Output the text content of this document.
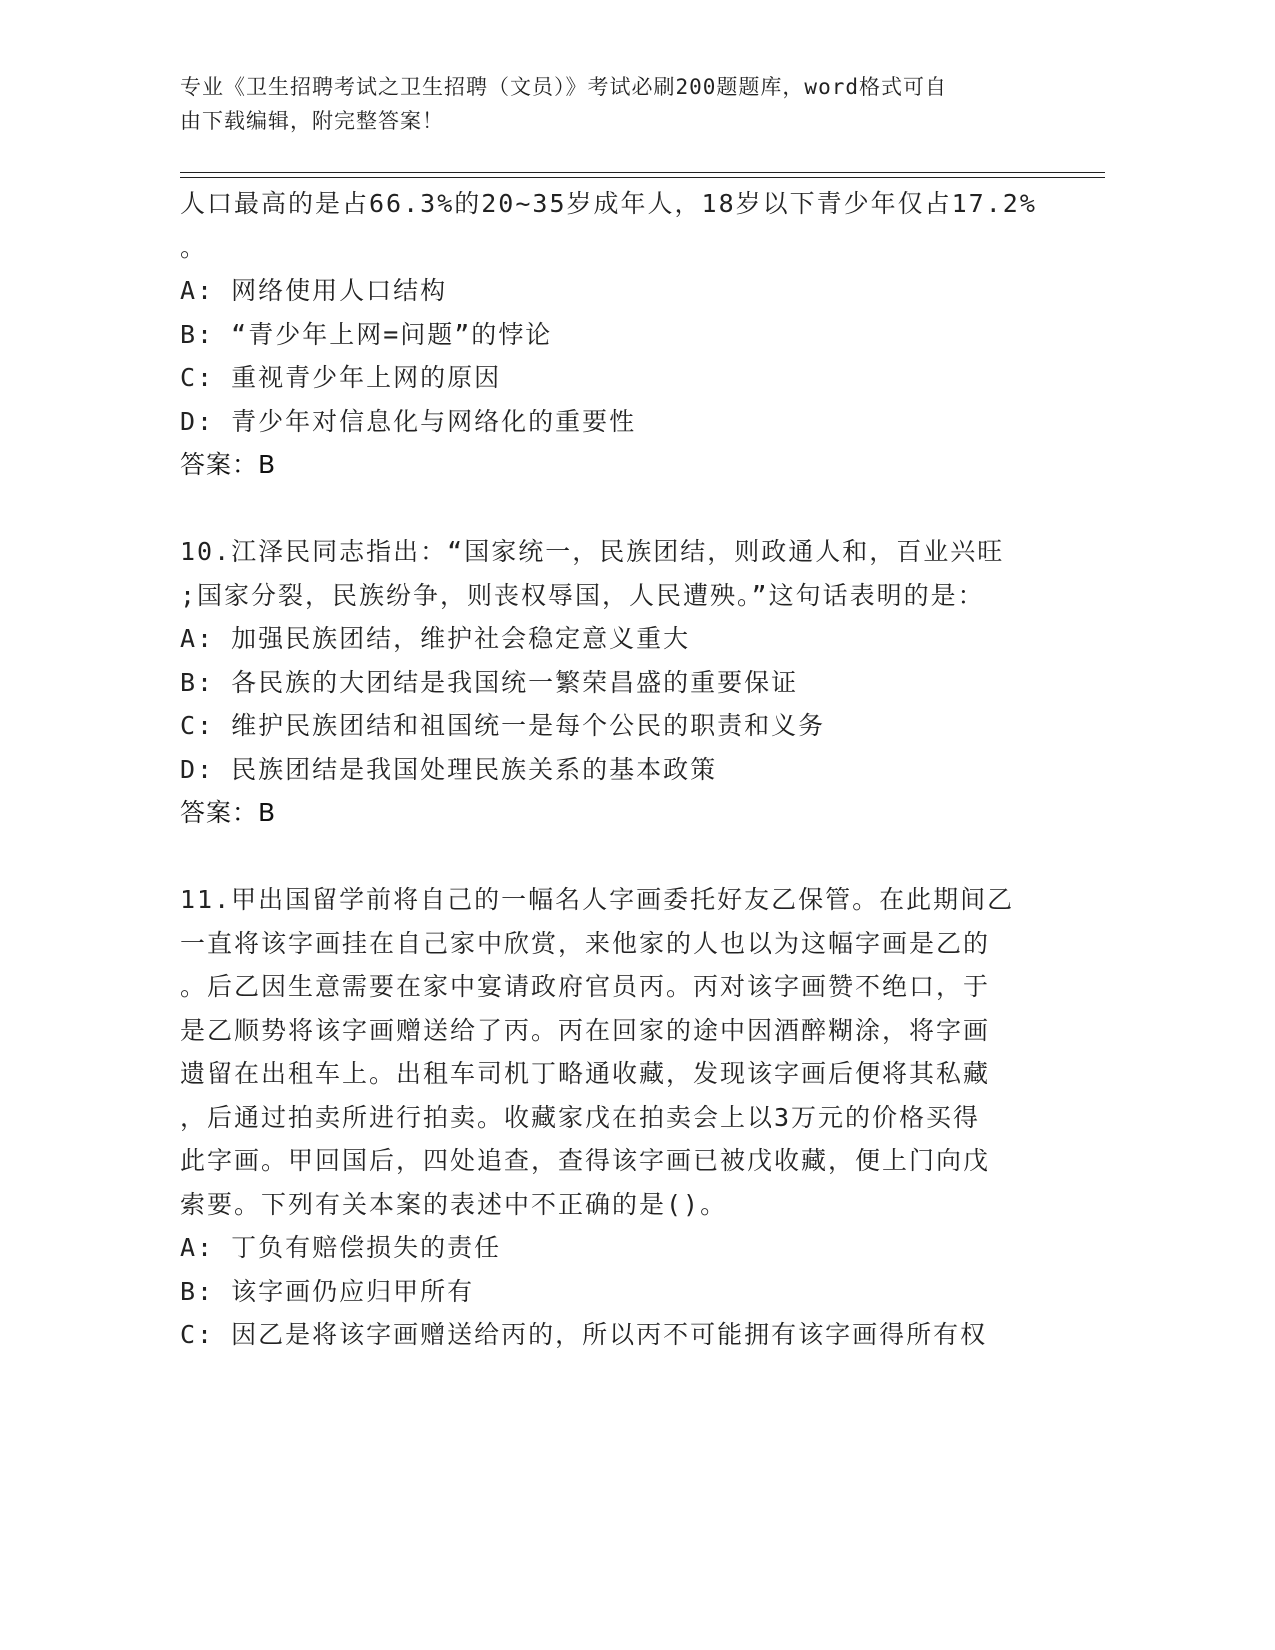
专业《卫生招聘考试之卫生招聘（文员）》考试必刷200题题库，word格式可自
由下载编辑，附完整答案！
人口最高的是占66.3%的20~35岁成年人，18岁以下青少年仅占17.2%
。
A: 网络使用人口结构
B: “青少年上网=问题”的悖论
C: 重视青少年上网的原因
D: 青少年对信息化与网络化的重要性
答案：B
10.江泽民同志指出：“国家统一，民族团结，则政通人和，百业兴旺
;国家分裂，民族纷争，则丧权辱国，人民遭殃。”这句话表明的是：
A: 加强民族团结，维护社会稳定意义重大
B: 各民族的大团结是我国统一繁荣昌盛的重要保证
C: 维护民族团结和祖国统一是每个公民的职责和义务
D: 民族团结是我国处理民族关系的基本政策
答案：B
11.甲出国留学前将自己的一幅名人字画委托好友乙保管。在此期间乙
一直将该字画挂在自己家中欣赏，来他家的人也以为这幅字画是乙的
。后乙因生意需要在家中宴请政府官员丙。丙对该字画赞不绝口，于
是乙顺势将该字画赠送给了丙。丙在回家的途中因酒醉糊涂，将字画
遗留在出租车上。出租车司机丁略通收藏，发现该字画后便将其私藏
，后通过拍卖所进行拍卖。收藏家戊在拍卖会上以3万元的价格买得
此字画。甲回国后，四处追查，查得该字画已被戊收藏，便上门向戊
索要。下列有关本案的表述中不正确的是()。
A: 丁负有赔偿损失的责任
B: 该字画仍应归甲所有
C: 因乙是将该字画赠送给丙的，所以丙不可能拥有该字画得所有权
